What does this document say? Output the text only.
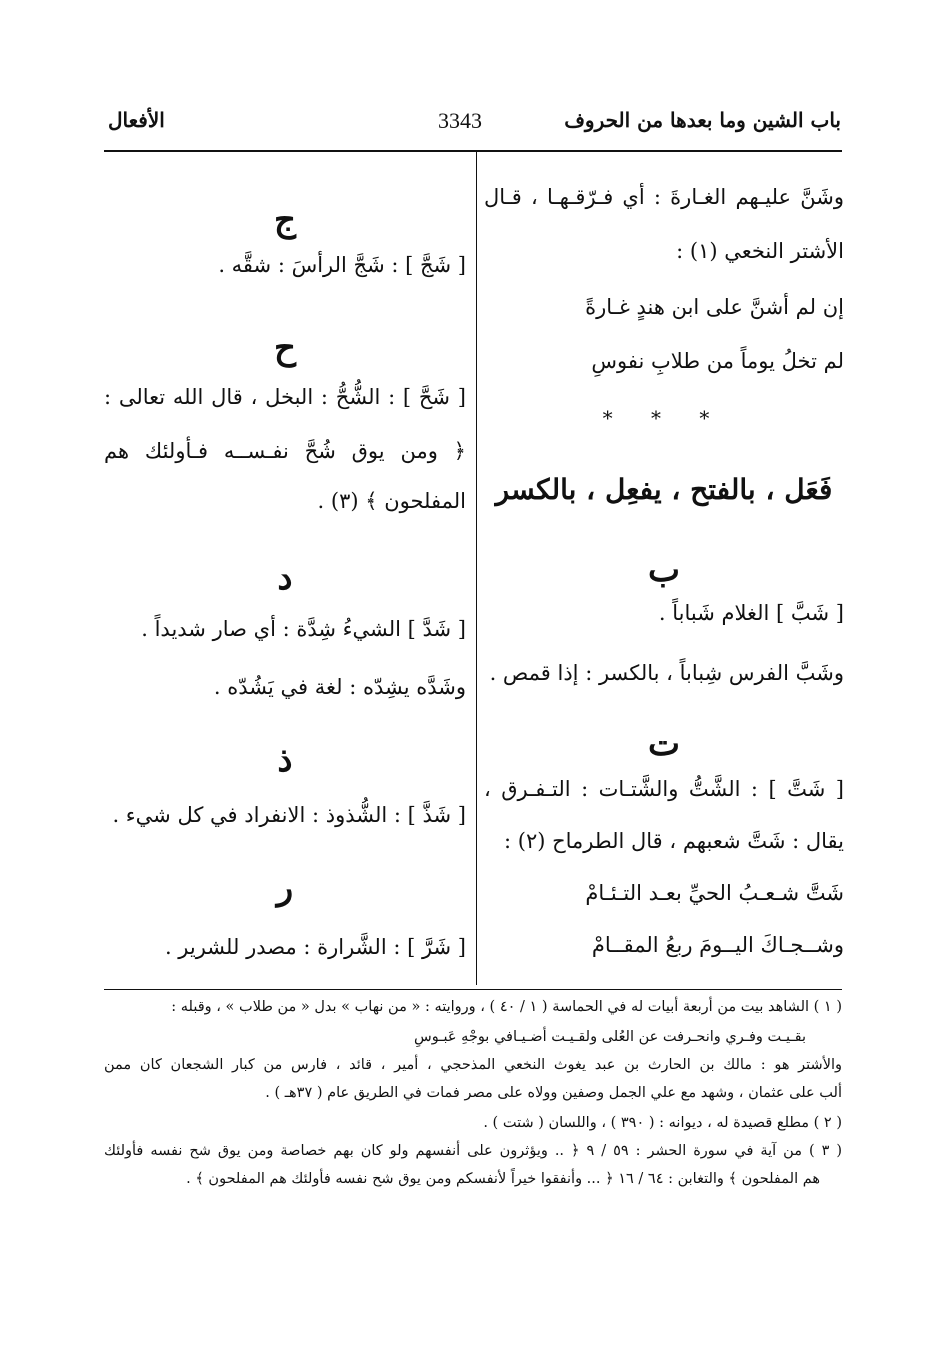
باب الشين وما بعدها من الحروف
3343
الأفعال
وشَنَّ عليـهم الغـارةَ : أي فـرّقـهـا ، قـال
الأشتر النخعي (١) :
إن لم أشنَّ على ابن هندٍ غـارةً
لم تخلُ يوماً من طلابِ نفوسِ
* * *
فَعَل ، بالفتح ، يفعِل ، بالكسر
ب
[ شَبَّ ] الغلام شَباباً .
وشَبَّ الفرس شِباباً ، بالكسر : إذا قمص .
ت
[ شَتَّ ] : الشَّتُّ والشَّتـات : التـفـرق ،
يقال : شَتَّ شعبهم ، قال الطرماح (٢) :
شَتَّ شـعـبُ الحيِّ بعـد التـئـامْ
وشــجـاكَ اليــومَ ربعُ المقــامْ
ج
[ شَجَّ ] : شَجَّ الرأسَ : شقَّه .
ح
[ شَحَّ ] : الشُّحُّ : البخل ، قال الله تعالى :
﴿ ومن يوق شُحَّ نفـســه فـأولئك هم
المفلحون ﴾ (٣) .
د
[ شَدَّ ] الشيءُ شِدَّة : أي صار شديداً .
وشَدَّه يشِدّه : لغة في يَشُدّه .
ذ
[ شَذَّ ] : الشُّذوذ : الانفراد في كل شيء .
ر
[ شَرَّ ] : الشَّرارة : مصدر للشرير .
( ١ ) الشاهد بيت من أربعة أبيات له في الحماسة ( ١ / ٤٠ ) ، وروايته : « من نهاب » بدل « من طلاب » ، وقبله :
بقـيـت وفـري وانحـرفت عن العُلى ولقـيـت أضـيـافي بوجْهِ عَبـوسِ
والأشتر هو : مالك بن الحارث بن عبد يغوث النخعي المذحجي ، أمير ، قائد ، فارس من كبار الشجعان كان ممن
ألب على عثمان ، وشهد مع علي الجمل وصفين وولاه على مصر فمات في الطريق عام ( ٣٧هـ ) .
( ٢ ) مطلع قصيدة له ، ديوانه : ( ٣٩٠ ) ، واللسان ( شتت ) .
( ٣ ) من آية في سورة الحشر : ٥٩ / ٩ ﴿ .. ويؤثرون على أنفسهم ولو كان بهم خصاصة ومن يوق شح نفسه فأولئك
هم المفلحون ﴾ والتغابن : ٦٤ / ١٦ ﴿ ... وأنفقوا خيراً لأنفسكم ومن يوق شح نفسه فأولئك هم المفلحون ﴾ .
